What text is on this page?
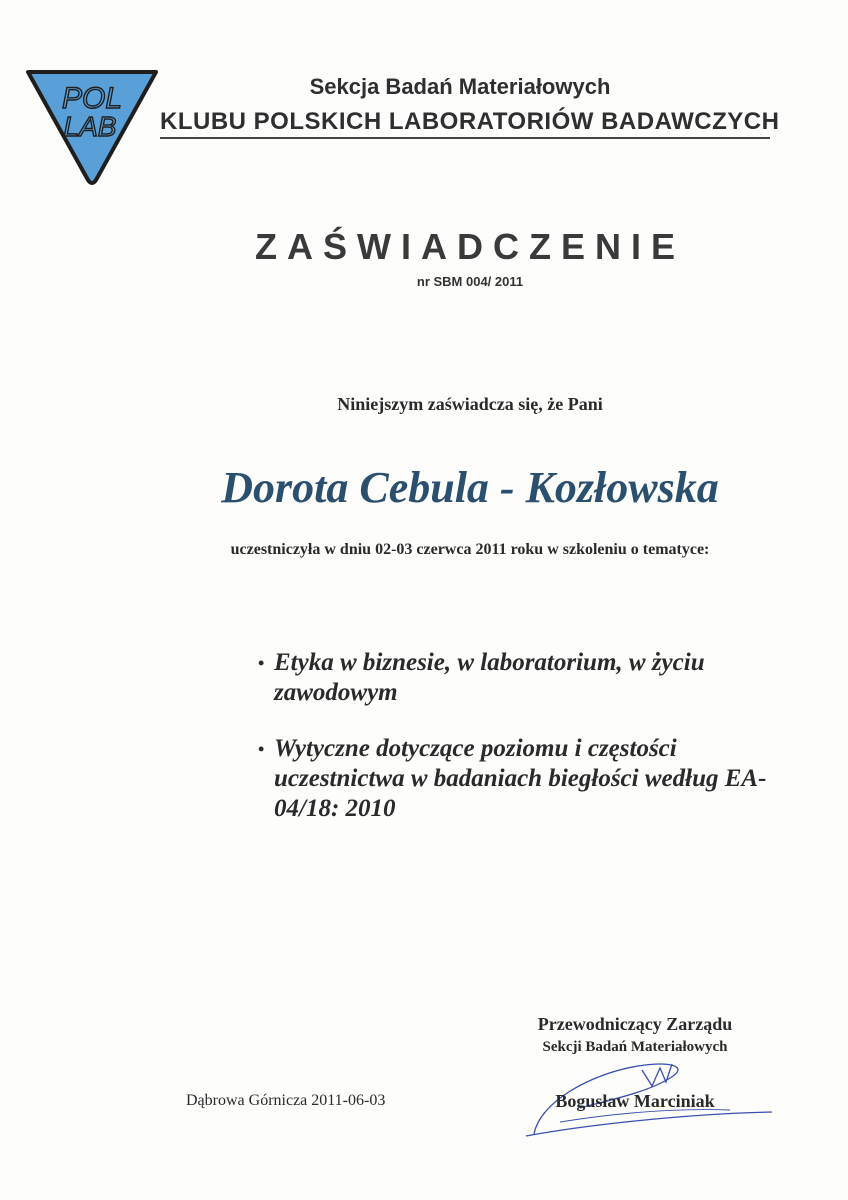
POL
LAB
Sekcja Badań Materiałowych
KLUBU POLSKICH LABORATORIÓW BADAWCZYCH
ZAŚWIADCZENIE
nr SBM 004/ 2011
Niniejszym zaświadcza się, że Pani
Dorota Cebula - Kozłowska
uczestniczyła w dniu 02-03 czerwca 2011 roku w szkoleniu o tematyce:
• Etyka w biznesie, w laboratorium, w życiu zawodowym
• Wytyczne dotyczące poziomu i częstości uczestnictwa w badaniach biegłości według EA-04/18: 2010
Przewodniczący Zarządu
Sekcji Badań Materiałowych
Bogusław Marciniak
Dąbrowa Górnicza 2011-06-03
